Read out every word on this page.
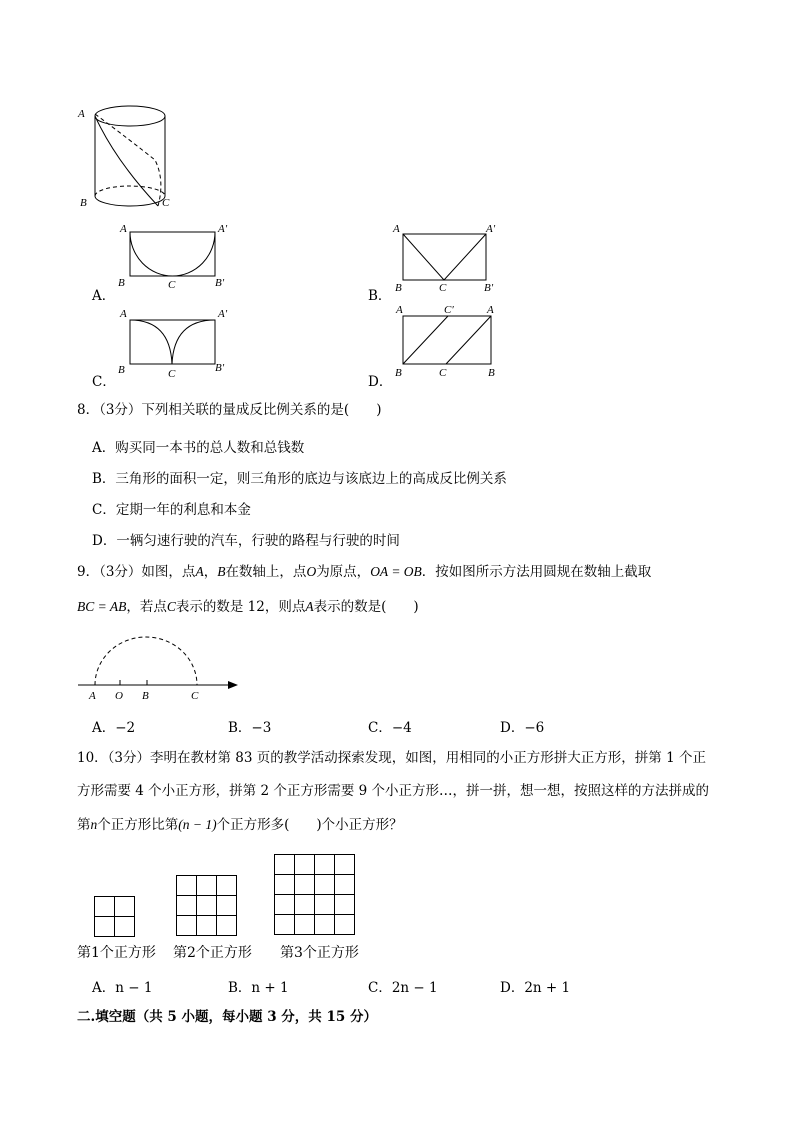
A
B	C
A．
A	A′
B	C	B′
B．
A	A′
B	C	B′
C．
A	A′
B	C	B′
D．
A	C′	A
B	C	B
8．（3分）下列相关联的量成反比例关系的是(　　)
A．购买同一本书的总人数和总钱数
B．三角形的面积一定，则三角形的底边与该底边上的高成反比例关系
C．定期一年的利息和本金
D．一辆匀速行驶的汽车，行驶的路程与行驶的时间
9．（3分）如图，点A，B在数轴上，点O为原点，OA = OB．按如图所示方法用圆规在数轴上截取
BC = AB，若点C表示的数是 12，则点A表示的数是(　　)
A O B	C
A．−2	B．−3	C．−4	D．−6
10．（3分）李明在教材第 83 页的教学活动探索发现，如图，用相同的小正方形拼大正方形，拼第 1 个正
方形需要 4 个小正方形，拼第 2 个正方形需要 9 个小正方形…，拼一拼，想一想，按照这样的方法拼成的
第n个正方形比第(n − 1)个正方形多(　　)个小正方形？
第1个正方形 第2个正方形 第3个正方形
A．n − 1	B．n + 1	C．2n − 1	D．2n + 1
二.填空题（共 5 小题，每小题 3 分，共 15 分）
